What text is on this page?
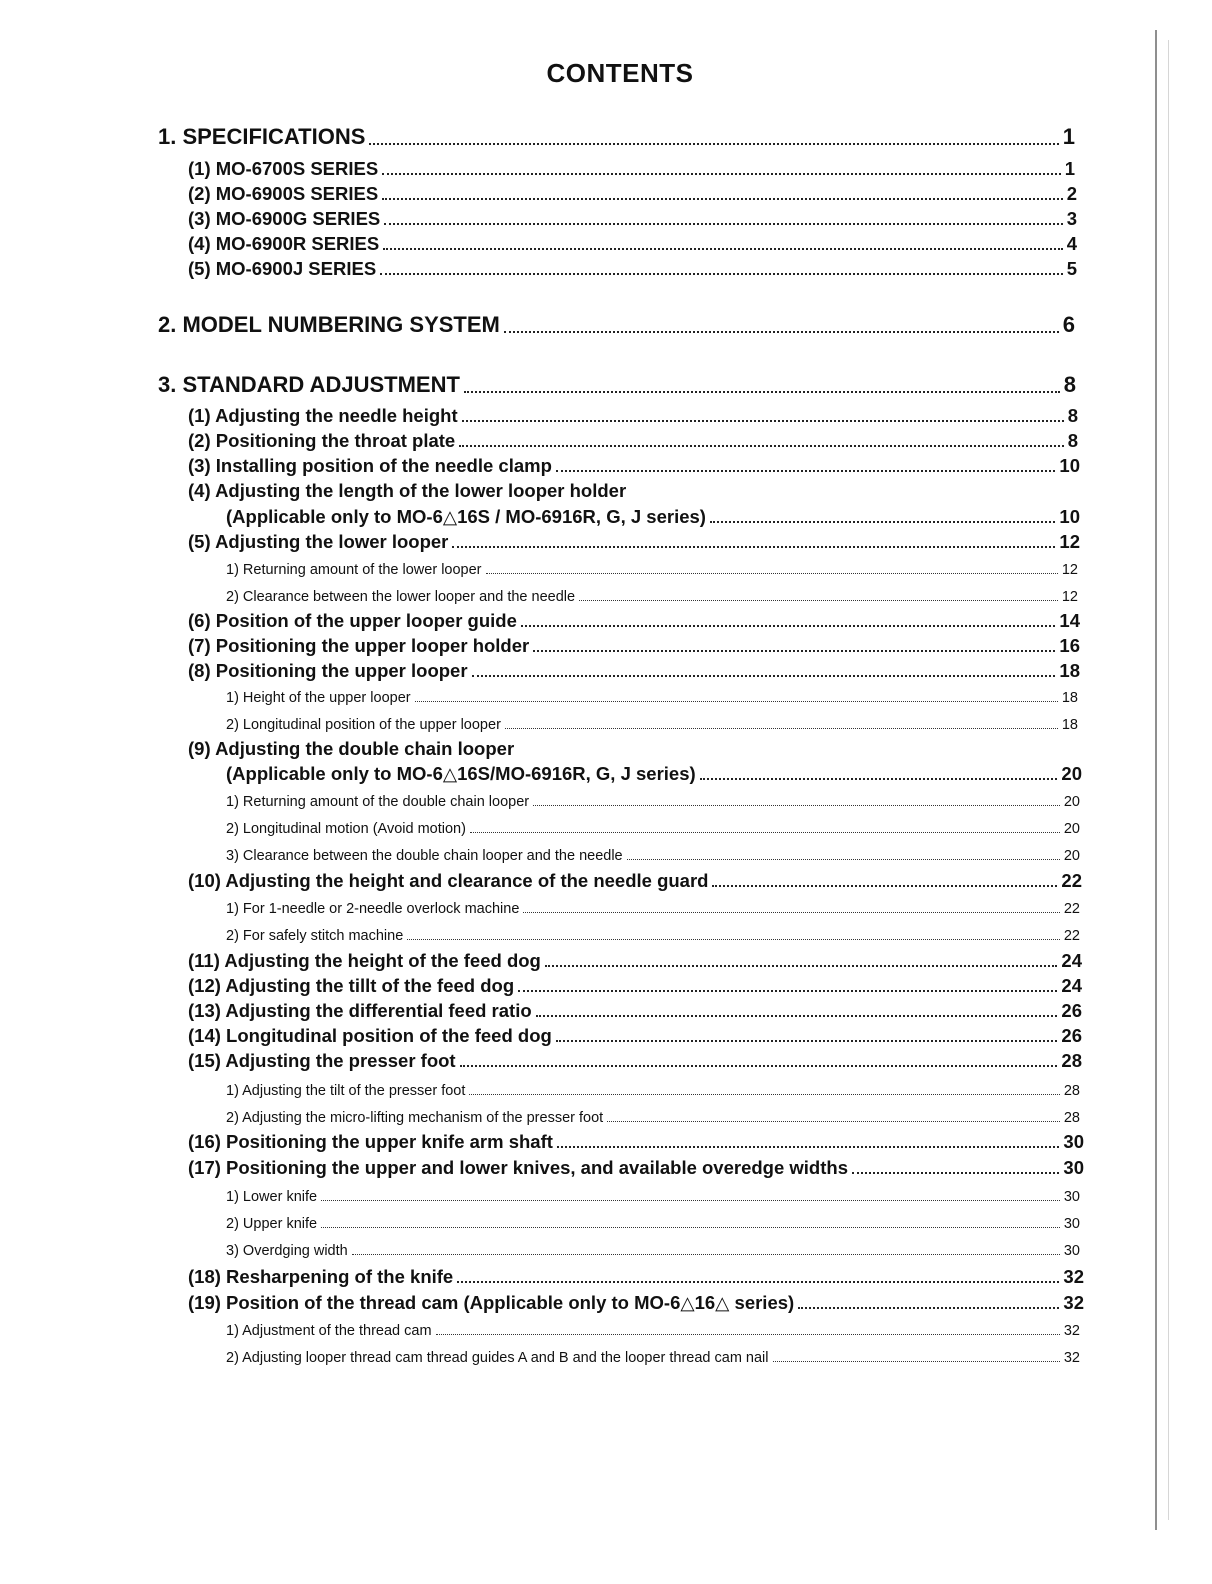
CONTENTS
1. SPECIFICATIONS	1
(1) MO-6700S SERIES	1
(2) MO-6900S SERIES	2
(3) MO-6900G SERIES	3
(4) MO-6900R SERIES	4
(5) MO-6900J SERIES	5
2. MODEL NUMBERING SYSTEM	6
3. STANDARD ADJUSTMENT	8
(1) Adjusting the needle height	8
(2) Positioning the throat plate	8
(3) Installing position of the needle clamp	10
(4) Adjusting the length of the lower looper holder
(Applicable only to MO-6△16S / MO-6916R, G, J series)	10
(5) Adjusting the lower looper	12
1) Returning amount of the lower looper	12
2) Clearance between the lower looper and the needle	12
(6) Position of the upper looper guide	14
(7) Positioning the upper looper holder	16
(8) Positioning the upper looper	18
1) Height of the upper looper	18
2) Longitudinal position of the upper looper	18
(9) Adjusting the double chain looper
(Applicable only to MO-6△16S/MO-6916R, G, J series)	20
1) Returning amount of the double chain looper	20
2) Longitudinal motion (Avoid motion)	20
3) Clearance between the double chain looper and the needle	20
(10) Adjusting the height and clearance of the needle guard	22
1) For 1-needle or 2-needle overlock machine	22
2) For safely stitch machine	22
(11) Adjusting the height of the feed dog	24
(12) Adjusting the tillt of the feed dog	24
(13) Adjusting the differential feed ratio	26
(14) Longitudinal position of the feed dog	26
(15) Adjusting the presser foot	28
1) Adjusting the tilt of the presser foot	28
2) Adjusting the micro-lifting mechanism of the presser foot	28
(16) Positioning the upper knife arm shaft	30
(17) Positioning the upper and lower knives, and available overedge widths	30
1) Lower knife	30
2) Upper knife	30
3) Overdging width	30
(18) Resharpening of the knife	32
(19) Position of the thread cam (Applicable only to MO-6△16△ series)	32
1) Adjustment of the thread cam	32
2) Adjusting looper thread cam thread guides A and B and the looper thread cam nail	32
